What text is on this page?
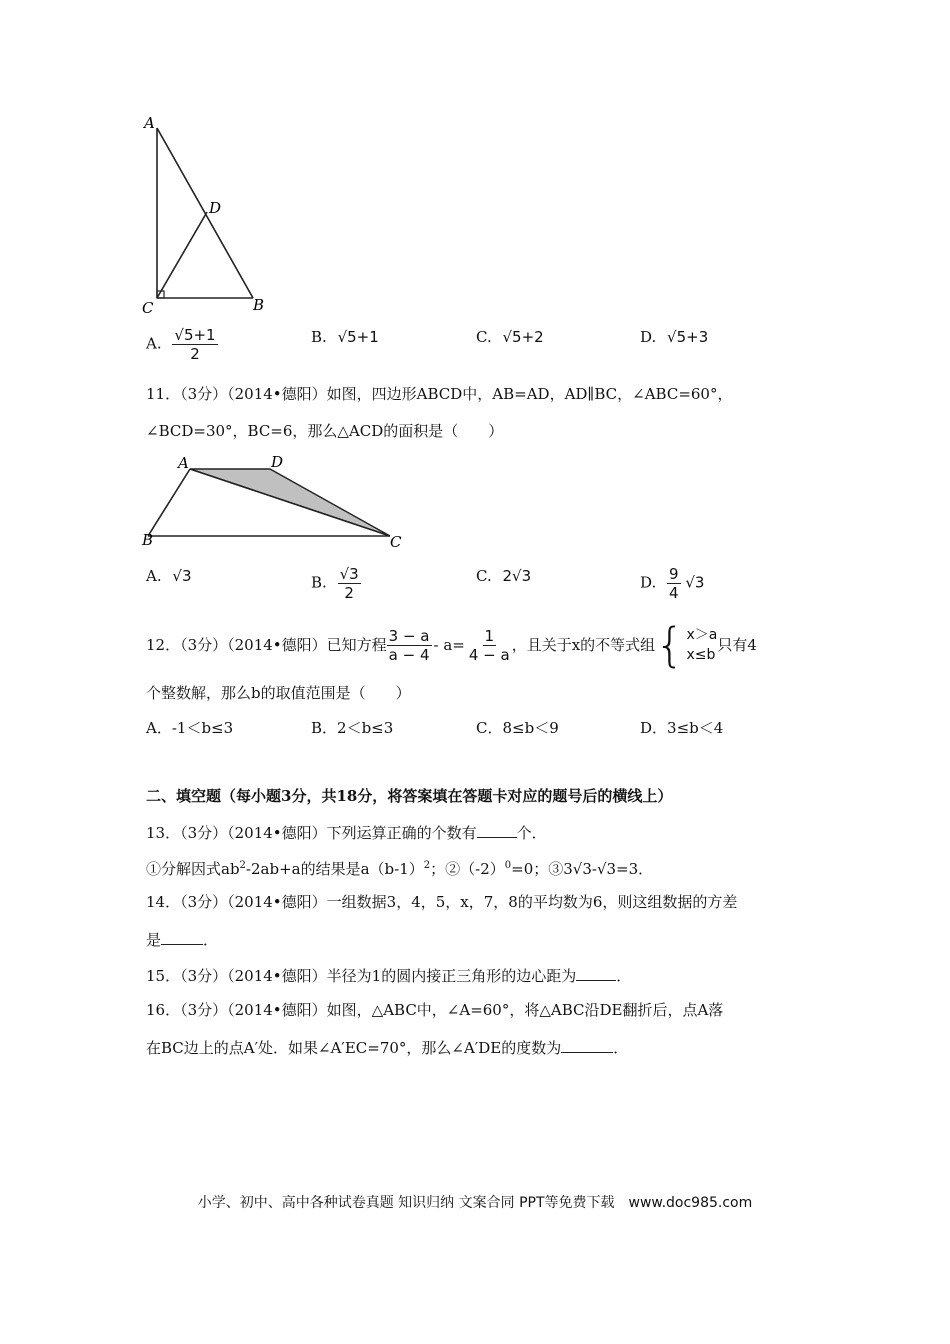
A
D
C	B
A. $\frac{√5+1}{2}$	B. √5+1	C. √5+2	D. √5+3
11．（3分）（2014•德阳）如图，四边形ABCD中，AB=AD，AD∥BC，∠ABC=60°，
∠BCD=30°，BC=6，那么△ACD的面积是（　　）
A	D
B	C
A. √3	B. $\frac{√3}{2}$	C. 2√3	D. $\frac{9}{4} √3$
12．（3分）（2014•德阳）已知方程 $\frac{3 - a}{a - 4} - a= \frac{1}{4 - a}$ ，且关于x的不等式组 { x＞a
x≤b
只有4
个整数解，那么b的取值范围是（　　）
A．-1＜b≤3	B．2＜b≤3	C．8≤b＜9	D．3≤b＜4
二、填空题（每小题3分，共18分，将答案填在答题卡对应的题号后的横线上）
13．（3分）（2014•德阳）下列运算正确的个数有	个．
①分解因式$ab^2-2ab+a$的结果是$a(b-1)^2$；$②(-2)^0=0$；③3√3-√3=3．
14．（3分）（2014•德阳）一组数据3，4，5，x，7，8的平均数为6，则这组数据的方差
是	．
15．（3分）（2014•德阳）半径为1的圆内接正三角形的边心距为	．
16．（3分）（2014•德阳）如图，△ABC中，∠A=60°，将△ABC沿DE翻折后，点A落
在BC边上的点A′处．如果∠A′EC=70°，那么∠A′DE的度数为	．
小学、初中、高中各种试卷真题 知识归纳 文案合同 PPT等免费下载　www.doc985.com
